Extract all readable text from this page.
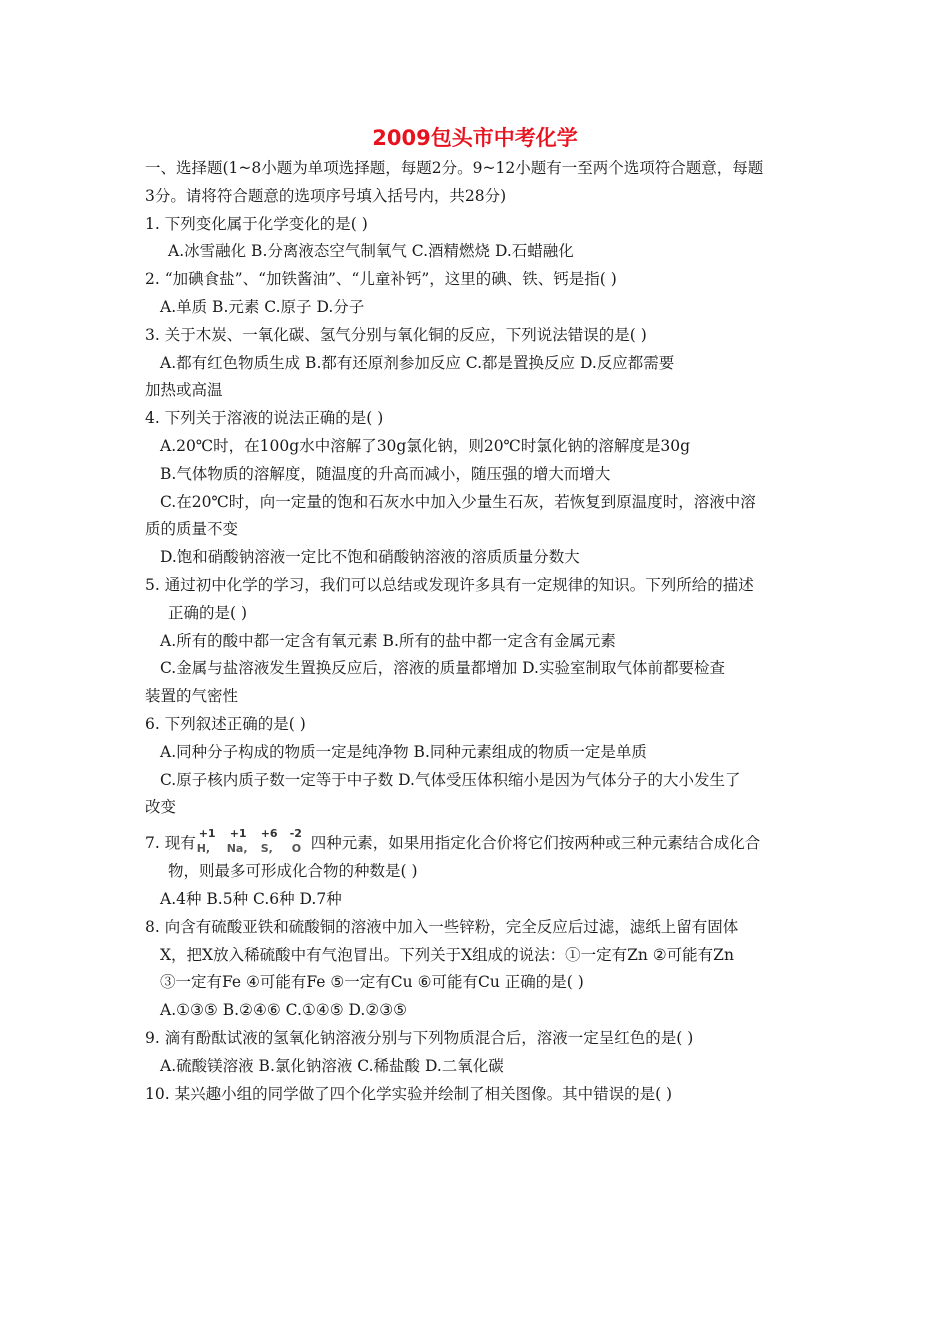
2009包头市中考化学
一、选择题(1~8小题为单项选择题，每题2分。9~12小题有一至两个选项符合题意，每题
3分。请将符合题意的选项序号填入括号内，共28分)
1. 下列变化属于化学变化的是( )
A.冰雪融化 B.分离液态空气制氧气 C.酒精燃烧 D.石蜡融化
2. “加碘食盐”、“加铁酱油”、“儿童补钙”，这里的碘、铁、钙是指( )
A.单质 B.元素 C.原子 D.分子
3. 关于木炭、一氧化碳、氢气分别与氧化铜的反应，下列说法错误的是( )
A.都有红色物质生成 B.都有还原剂参加反应 C.都是置换反应 D.反应都需要
加热或高温
4. 下列关于溶液的说法正确的是( )
A.20℃时，在100g水中溶解了30g氯化钠，则20℃时氯化钠的溶解度是30g
B.气体物质的溶解度，随温度的升高而减小，随压强的增大而增大
C.在20℃时，向一定量的饱和石灰水中加入少量生石灰，若恢复到原温度时，溶液中溶
质的质量不变
D.饱和硝酸钠溶液一定比不饱和硝酸钠溶液的溶质质量分数大
5. 通过初中化学的学习，我们可以总结或发现许多具有一定规律的知识。下列所给的描述
正确的是( )
A.所有的酸中都一定含有氧元素 B.所有的盐中都一定含有金属元素
C.金属与盐溶液发生置换反应后，溶液的质量都增加 D.实验室制取气体前都要检查
装置的气密性
6. 下列叙述正确的是( )
A.同种分子构成的物质一定是纯净物 B.同种元素组成的物质一定是单质
C.原子核内质子数一定等于中子数 D.气体受压体积缩小是因为气体分子的大小发生了
改变
7. 现有
+1
H,
+1
Na,
+6
S,
-2
O 四种元素，如果用指定化合价将它们按两种或三种元素结合成化合
物，则最多可形成化合物的种数是( )
A.4种 B.5种 C.6种 D.7种
8. 向含有硫酸亚铁和硫酸铜的溶液中加入一些锌粉，完全反应后过滤，滤纸上留有固体
X，把X放入稀硫酸中有气泡冒出。下列关于X组成的说法：①一定有Zn ②可能有Zn
③一定有Fe ④可能有Fe ⑤一定有Cu ⑥可能有Cu 正确的是( )
A.①③⑤ B.②④⑥ C.①④⑤ D.②③⑤
9. 滴有酚酞试液的氢氧化钠溶液分别与下列物质混合后，溶液一定呈红色的是( )
A.硫酸镁溶液 B.氯化钠溶液 C.稀盐酸 D.二氧化碳
10. 某兴趣小组的同学做了四个化学实验并绘制了相关图像。其中错误的是( )
